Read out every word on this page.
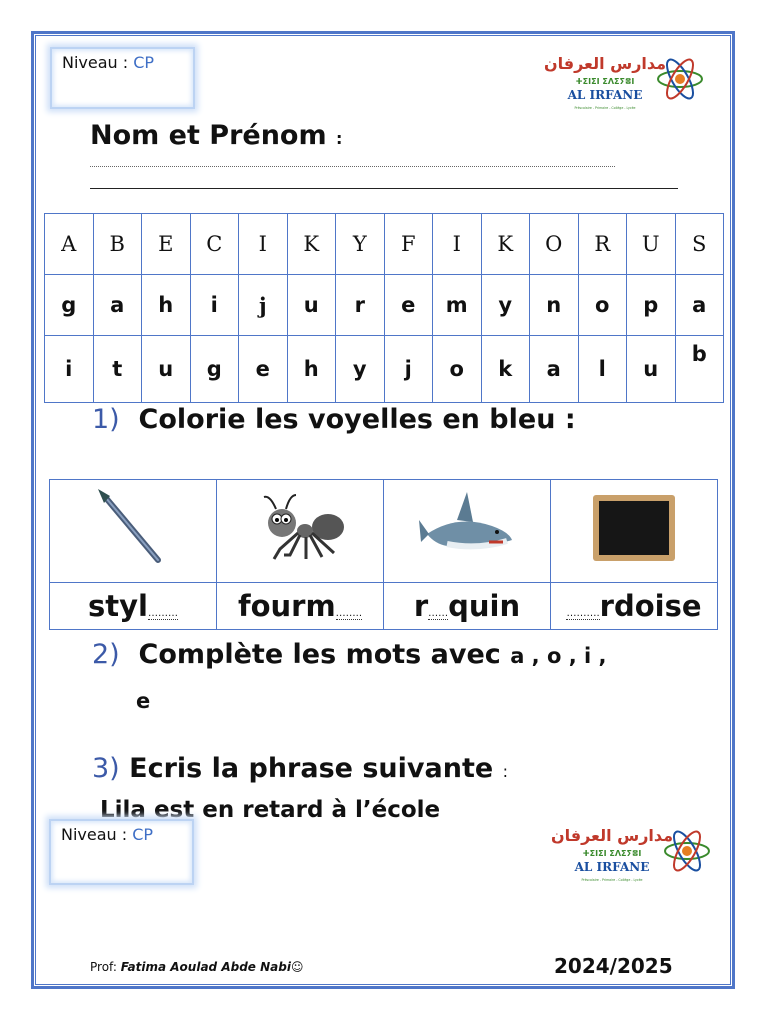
Niveau : CP	مدارس العرفان
ⵜⵉⵏⵉⵏ ⵉⴷⵉⵢⴻⵏ
AL IRFANE
Préscolaire - Primaire - Collège - Lycée
Nom et Prénom :
A	B	E	C	I	K	Y	F	I	K	O	R	U	S
g	a	h	i	j	u	r	e	m	y	n	o	p	a
i	t	u	g	e	h	y	j	o	k	a	l	u	b
1) Colorie les voyelles en bleu :

styl………	fourm……..	r……quin	……….rdoise
2) Complète les mots avec a , o , i ,
e
3) Ecris la phrase suivante :
Lila est en retard à l’école
Niveau : CP	مدارس العرفان
ⵜⵉⵏⵉⵏ ⵉⴷⵉⵢⴻⵏ
AL IRFANE
Préscolaire - Primaire - Collège - Lycée
Prof: Fatima Aoulad Abde Nabi☺	2024/2025
